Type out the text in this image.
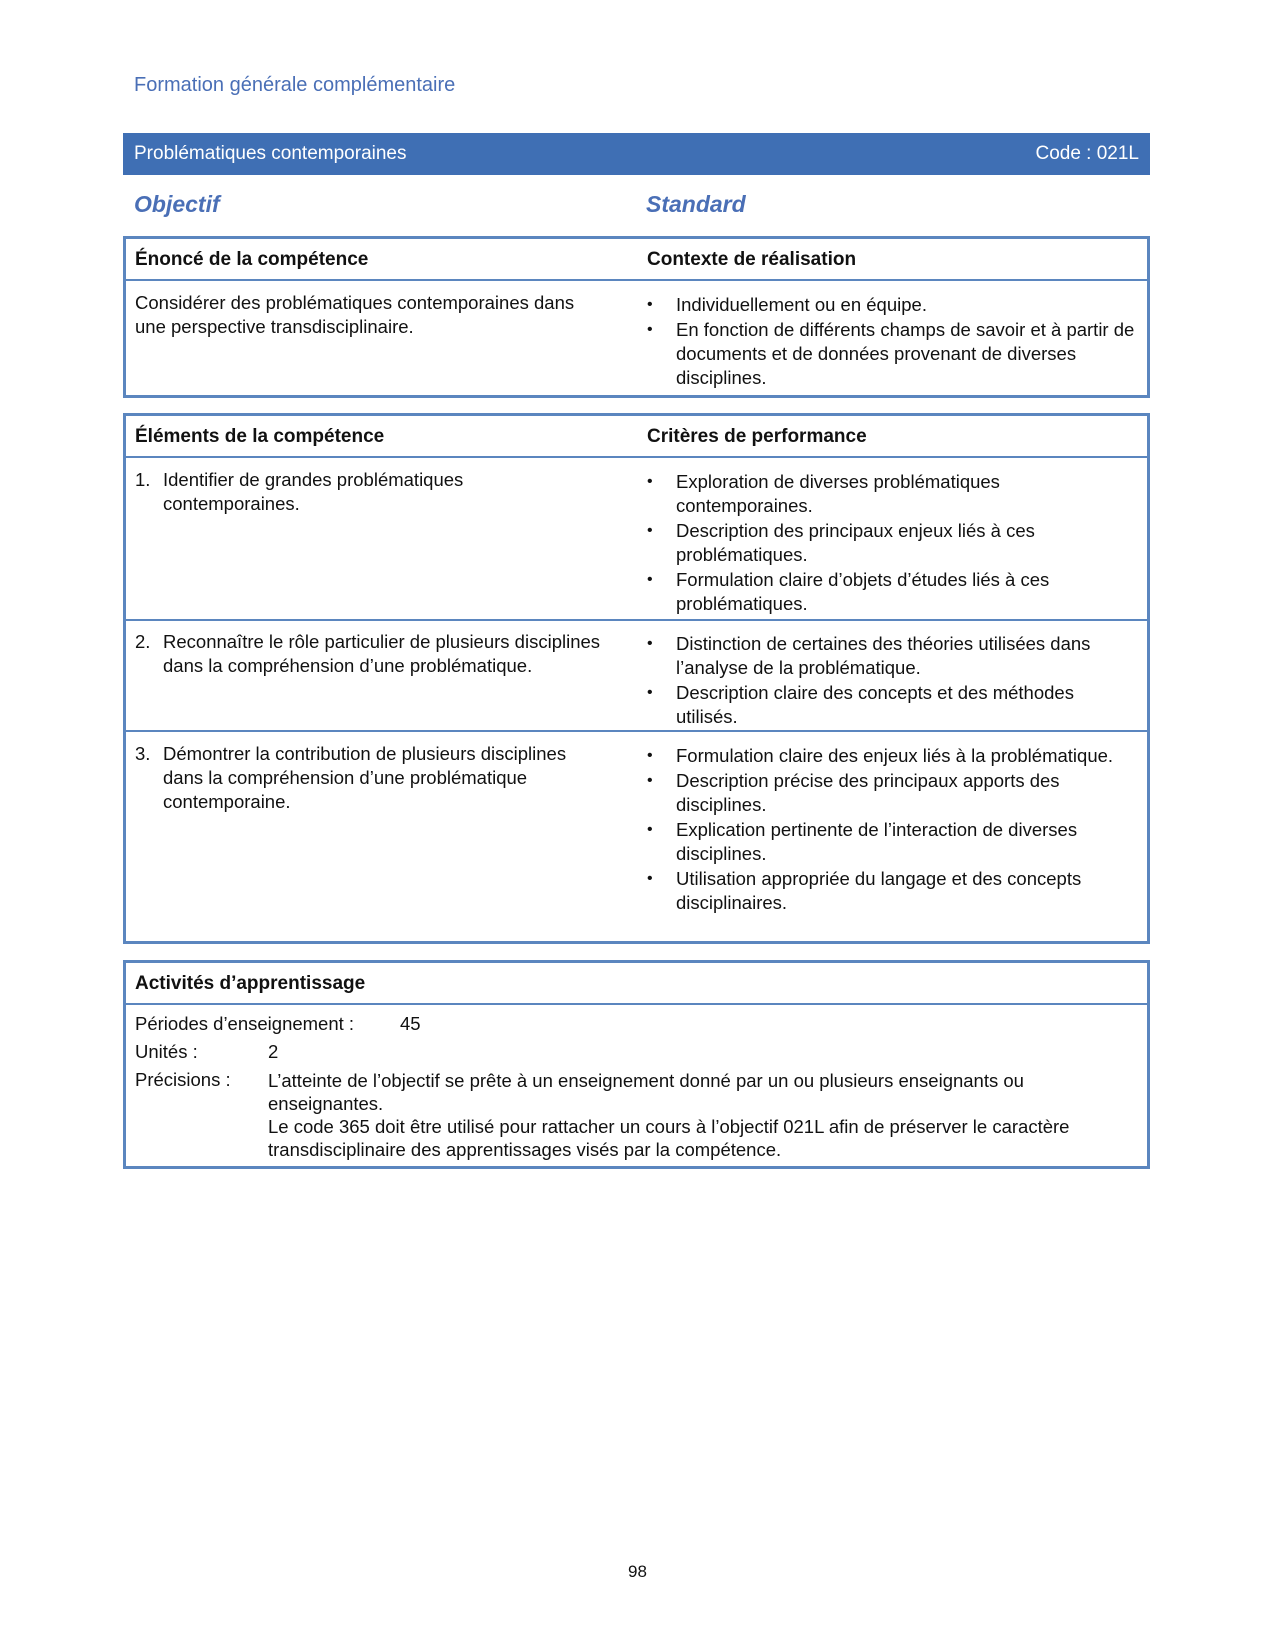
Formation générale complémentaire
Problématiques contemporaines	Code : 021L
Objectif	Standard
Énoncé de la compétence	Contexte de réalisation
Considérer des problématiques contemporaines dans une perspective transdisciplinaire.
• Individuellement ou en équipe.
• En fonction de différents champs de savoir et à partir de documents et de données provenant de diverses disciplines.
Éléments de la compétence	Critères de performance
1. Identifier de grandes problématiques contemporaines.
• Exploration de diverses problématiques contemporaines.
• Description des principaux enjeux liés à ces problématiques.
• Formulation claire d’objets d’études liés à ces problématiques.
2. Reconnaître le rôle particulier de plusieurs disciplines dans la compréhension d’une problématique.
• Distinction de certaines des théories utilisées dans l’analyse de la problématique.
• Description claire des concepts et des méthodes utilisés.
3. Démontrer la contribution de plusieurs disciplines dans la compréhension d’une problématique contemporaine.
• Formulation claire des enjeux liés à la problématique.
• Description précise des principaux apports des disciplines.
• Explication pertinente de l’interaction de diverses disciplines.
• Utilisation appropriée du langage et des concepts disciplinaires.
Activités d’apprentissage
Périodes d’enseignement : 45
Unités :	2
Précisions : L’atteinte de l’objectif se prête à un enseignement donné par un ou plusieurs enseignants ou enseignantes.
Le code 365 doit être utilisé pour rattacher un cours à l’objectif 021L afin de préserver le caractère transdisciplinaire des apprentissages visés par la compétence.
98
